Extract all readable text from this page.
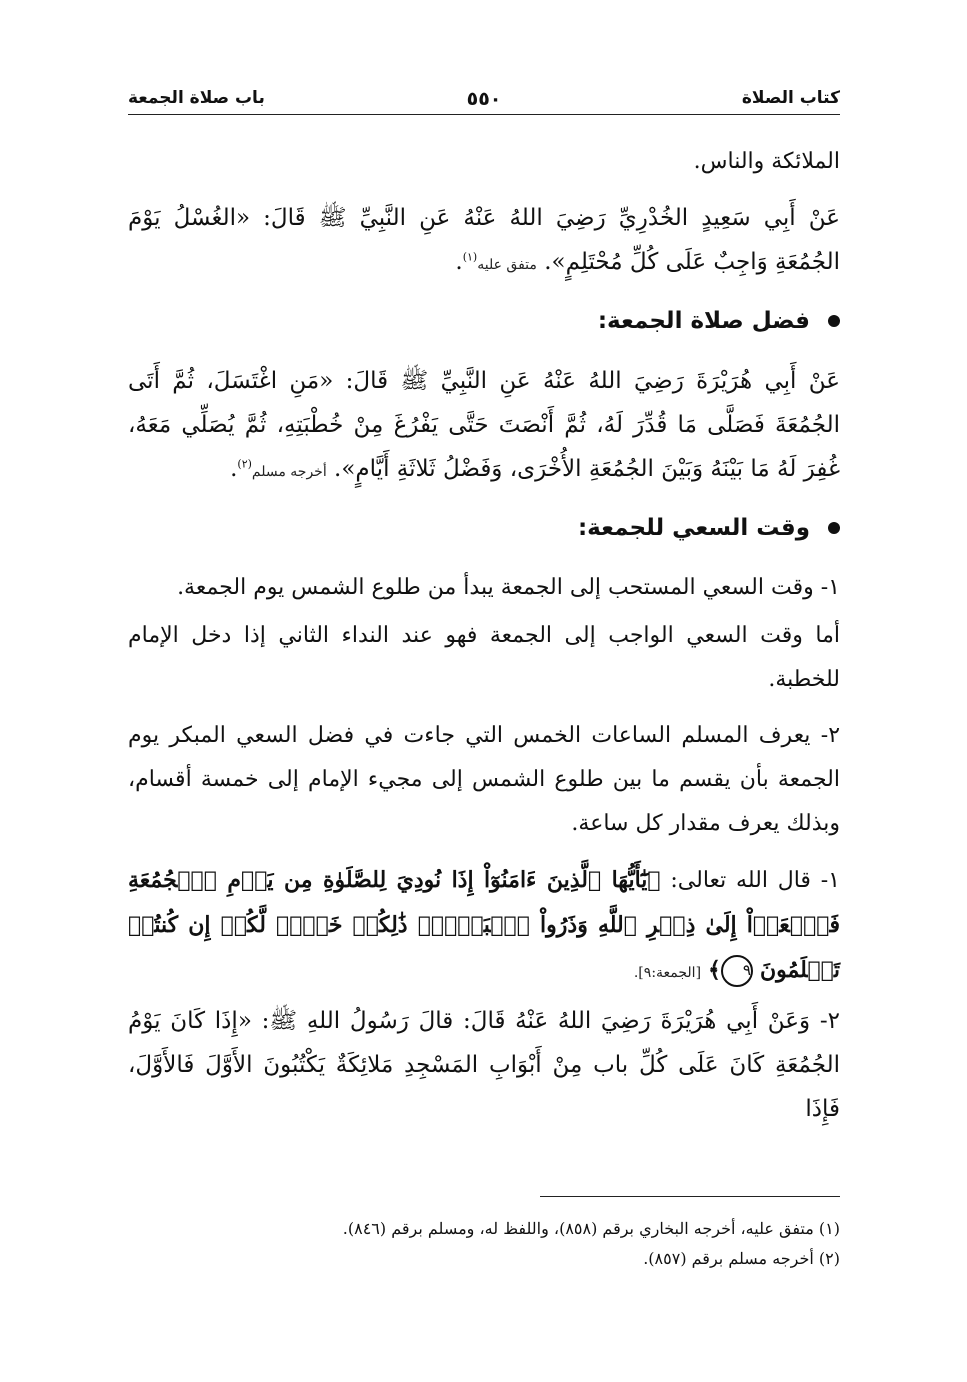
كتاب الصلاة
٥٥٠
باب صلاة الجمعة

الملائكة والناس.

عَنْ أَبِي سَعِيدٍ الخُدْرِيِّ رَضِيَ اللهُ عَنْهُ عَنِ النَّبِيِّ ﷺ قَالَ: «الغُسْلُ يَوْمَ الجُمُعَةِ وَاجِبٌ عَلَى كُلِّ مُحْتَلِمٍ». متفق عليه$^{(١)}$.

فضل صلاة الجمعة:

عَنْ أَبِي هُرَيْرَةَ رَضِيَ اللهُ عَنْهُ عَنِ النَّبِيِّ ﷺ قَالَ: «مَنِ اغْتَسَلَ، ثُمَّ أَتَى الجُمُعَةَ فَصَلَّى مَا قُدِّرَ لَهُ، ثُمَّ أَنْصَتَ حَتَّى يَفْرُغَ مِنْ خُطْبَتِهِ، ثُمَّ يُصَلِّي مَعَهُ، غُفِرَ لَهُ مَا بَيْنَهُ وَبَيْنَ الجُمُعَةِ الأُخْرَى، وَفَضْلُ ثَلاثَةِ أَيَّامٍ». أخرجه مسلم$^{(٢)}$.

وقت السعي للجمعة:

١- وقت السعي المستحب إلى الجمعة يبدأ من طلوع الشمس يوم الجمعة.

أما وقت السعي الواجب إلى الجمعة فهو عند النداء الثاني إذا دخل الإمام للخطبة.

٢- يعرف المسلم الساعات الخمس التي جاءت في فضل السعي المبكر يوم الجمعة بأن يقسم ما بين طلوع الشمس إلى مجيء الإمام إلى خمسة أقسام، وبذلك يعرف مقدار كل ساعة.

١- قال الله تعالى: ﴿يَٰٓأَيُّهَا ٱلَّذِينَ ءَامَنُوٓاْ إِذَا نُودِيَ لِلصَّلَوٰةِ مِن يَوۡمِ ٱلۡجُمُعَةِ فَٱسۡعَوۡاْ إِلَىٰ ذِكۡرِ ٱللَّهِ وَذَرُواْ ٱلۡبَيۡعَۚ ذَٰلِكُمۡ خَيۡرٞ لَّكُمۡ إِن كُنتُمۡ تَعۡلَمُونَ ٩﴾ [الجمعة:٩].

٢- وَعَنْ أَبِي هُرَيْرَةَ رَضِيَ اللهُ عَنْهُ قَالَ: قالَ رَسُولُ اللهِ ﷺ: «إِذَا كَانَ يَوْمُ الجُمُعَةِ كَانَ عَلَى كُلِّ باب مِنْ أَبْوَابِ المَسْجِدِ مَلائِكَةٌ يَكْتُبُونَ الأَوَّلَ فَالأَوَّلَ، فَإِذَا

(١) متفق عليه، أخرجه البخاري برقم (٨٥٨)، واللفظ له، ومسلم برقم (٨٤٦).

(٢) أخرجه مسلم برقم (٨٥٧).
